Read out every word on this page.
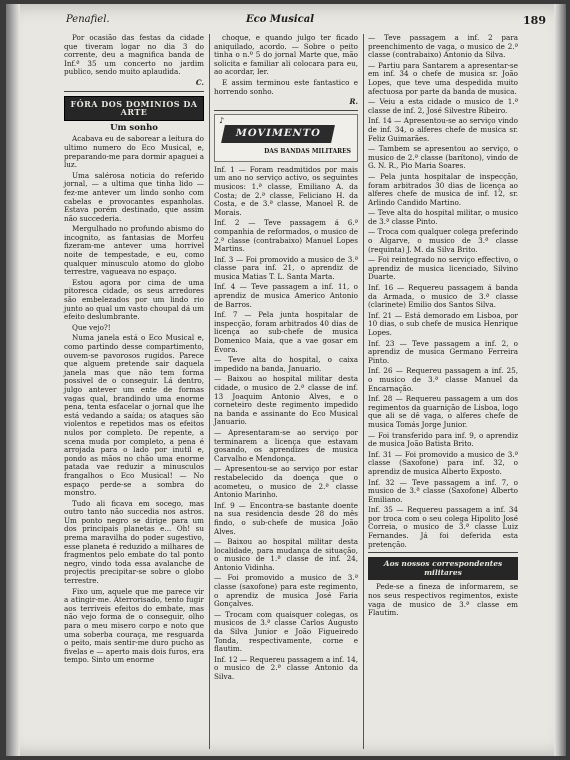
Penafiel.	Eco Musical	189

Por ocasião das festas da cidade que tiveram logar no dia 3 do corrente, deu a magnifica banda de Inf.ª 35 um concerto no jardim publico, sendo muito aplaudida.

C.
FÓRA DOS DOMINIOS DA ARTE
Um sonho

Acabava eu de saborear a leitura do ultimo numero do Eco Musical, e, preparando-me para dormir apaguei a luz.

Uma salérosa noticia do referido jornal, — a ultima que tinha lido — fez-me antever um lindo sonho com cabelas e provocantes espanholas. Estava porém destinado, que assim não succederia.

Mergulhado no profundo abismo do incognito, as fantasias de Morfeu fizeram-me antever uma horrivel noite de tempestade, e eu, como qualquer minusculo atomo do globo terrestre, vagueava no espaço.

Estou agora por cima de uma pitoresca cidade, os seus arredores são embelezados por um lindo rio junto ao qual um vasto choupal dá um efeito deslumbrante.

Que vejo?!

Numa janela está o Eco Musical e, como partindo desse compartimento, ouvem-se pavorosos rugidos. Parece que alguem pretende sair daquela janela mas que não tem forma possivel de o conseguir. Lá dentro, julgo antever um ente de formas vagas qual, brandindo uma enorme pena, tenta esfacelar o jornal que lhe está vedando a saída; os ataques são violentos e repetidos mas os efeitos nulos por completo. De repente, a scena muda por completo, a pena é arrojada para o lado por inutil e, pondo as mãos no chão uma enorme patada vae reduzir a minusculos frangalhos o Eco Musical! — No espaço perde-se a sombra do monstro.

Tudo ali ficava em socego, mas outro tanto não succedia nos astros. Um ponto negro se dirige para um dos principais planetas e... Oh! su prema maravilha do poder sugestivo, esse planeta é reduzido a milhares de fragmentos pelo embate do tal ponto negro, vindo toda essa avalanche de projectis precipitar-se sobre o globo terrestre.

Fixo um, aquele que me parece vir a atingir-me. Aterrorisado, tento fugir aos terriveis efeitos do embate, mas não vejo forma de o conseguir, olho para o meu misero corpo e noto que uma soberba couraça, me resguarda o peito, mais sentir-me duro pucho as fivelas e — aperto mais dois furos, era tempo. Sinto um enorme

choque, e quando julgo ter ficado aniquilado, acordo. — Sobre o peito tinha o n.º 5 do jornal Marte que, mão solicita e familiar ali colocara para eu, ao acordar, ler.

E assim terminou este fantastico e horrendo sonho.

R.
♪
MOVIMENTO
DAS BANDAS MILITARES
Inf. 1 — Foram readmitidos por mais um ano no serviço activo, os seguintes musicos: 1.ª classe, Emiliano A. da Costa; de 2.ª classe, Feliciano H. da Costa, e de 3.ª classe, Manoel R. de Morais.
Inf. 2 — Teve passagem á 6.ª companhia de reformados, o musico de 2.ª classe (contrabaixo) Manuel Lopes Martins.
Inf. 3 — Foi promovido a musico de 3.ª classe para inf. 21, o aprendiz de musica Matias T. L. Santa Marta.
Inf. 4 — Teve passagem a inf. 11, o aprendiz de musica Americo Antonio de Barros.
Inf. 7 — Pela junta hospitalar de inspecção, foram arbitrados 40 dias de licença ao sub-chefe de musica Domenico Maia, que a vae gosar em Evora.
— Teve alta do hospital, o caixa impedido na banda, Januario.
— Baixou ao hospital militar desta cidade, o musico de 2.ª classe de inf. 13 Joaquim Antonio Alves, e o corneteiro deste regimento impedido na banda e assinante do Eco Musical Januario.
— Apresentaram-se ao serviço por terminarem a licença que estavam gosando, os aprendizes de musica Carvalho e Mendonça.
— Apresentou-se ao serviço por estar restabelecido da doença que o acometeu, o musico de 2.ª classe Antonio Marinho.
Inf. 9 — Encontra-se bastante doente na sua residencia desde 28 do mês findo, o sub-chefe de musica João Alves.
— Baixou ao hospital militar desta localidade, para mudança de situação, o musico de 1.ª classe de inf. 24, Antonio Vidinha.
— Foi promovido a musico de 3.ª classe (saxofone) para este regimento, o aprendiz de musica José Faria Gonçalves.
— Trocam com quaisquer colegas, os musicos de 3.ª classe Carlos Augusto da Silva Junior e João Figueiredo Tonda, respectivamente, corne e flautim.
Inf. 12 — Requereu passagem a inf. 14, o musico de 2.ª classe Antonio da Silva.
— Teve passagem a inf. 2 para preenchimento de vaga, o musico de 2.ª classe (contrabaixo) Antonio da Silva.
— Partiu para Santarem a apresentar-se em inf. 34 o chefe de musica sr. João Lopes, que teve uma despedida muito afectuosa por parte da banda de musica.
— Veiu a esta cidade o musico de 1.ª classe de inf. 2, José Silvestre Ribeiro.
Inf. 14 — Apresentou-se ao serviço vindo de inf. 34, o alferes chefe de musica sr. Feliz Guimarães.
— Tambem se apresentou ao serviço, o musico de 2.ª classe (barítono), vindo de G. N. R., Pio Maria Soares.
— Pela junta hospitalar de inspecção, foram arbitrados 30 dias de licença ao alferes chefe de musica de inf. 12, sr. Arlindo Candido Martino.
— Teve alta do hospital militar, o musico de 3.ª classe Pinto.
— Troca com qualquer colega preferindo o Algarve, o musico de 3.ª classe (requinta) J. M. da Silva Brito.
— Foi reintegrado no serviço effectivo, o aprendiz de musica licenciado, Silvino Duarte.
Inf. 16 — Requereu passagem á banda da Armada, o musico de 3.ª classe (clarinete) Emilio dos Santos Silva.
Inf. 21 — Está demorado em Lisboa, por 10 dias, o sub chefe de musica Henrique Lopes.
Inf. 23 — Teve passagem a inf. 2, o aprendiz de musica Germano Ferreira Pinto.
Inf. 26 — Requereu passagem a inf. 25, o musico de 3.ª classe Manuel da Encarnação.
Inf. 28 — Requereu passagem a um dos regimentos da guarnição de Lisboa, logo que ali se dê vaga, o alferes chefe de musica Tomás Jorge Junior.
— Foi transferido para inf. 9, o aprendiz de musica João Batista Brito.
Inf. 31 — Foi promovido a musico de 3.ª classe (Saxofone) para inf. 32, o aprendiz de musica Alberto Exposto.
Inf. 32 — Teve passagem a inf. 7, o musico de 3.ª classe (Saxofone) Alberto Emiliano.
Inf. 35 — Requereu passagem a inf. 34 por troca com o seu colega Hipolito José Correia, o musico de 3.ª classe Luiz Fernandes. Já foi deferida esta pretenção.
Aos nossos correspondentes militares

Pede-se a fineza de informarem, se nos seus respectivos regimentos, existe vaga de musico de 3.ª classe em Flautim.
